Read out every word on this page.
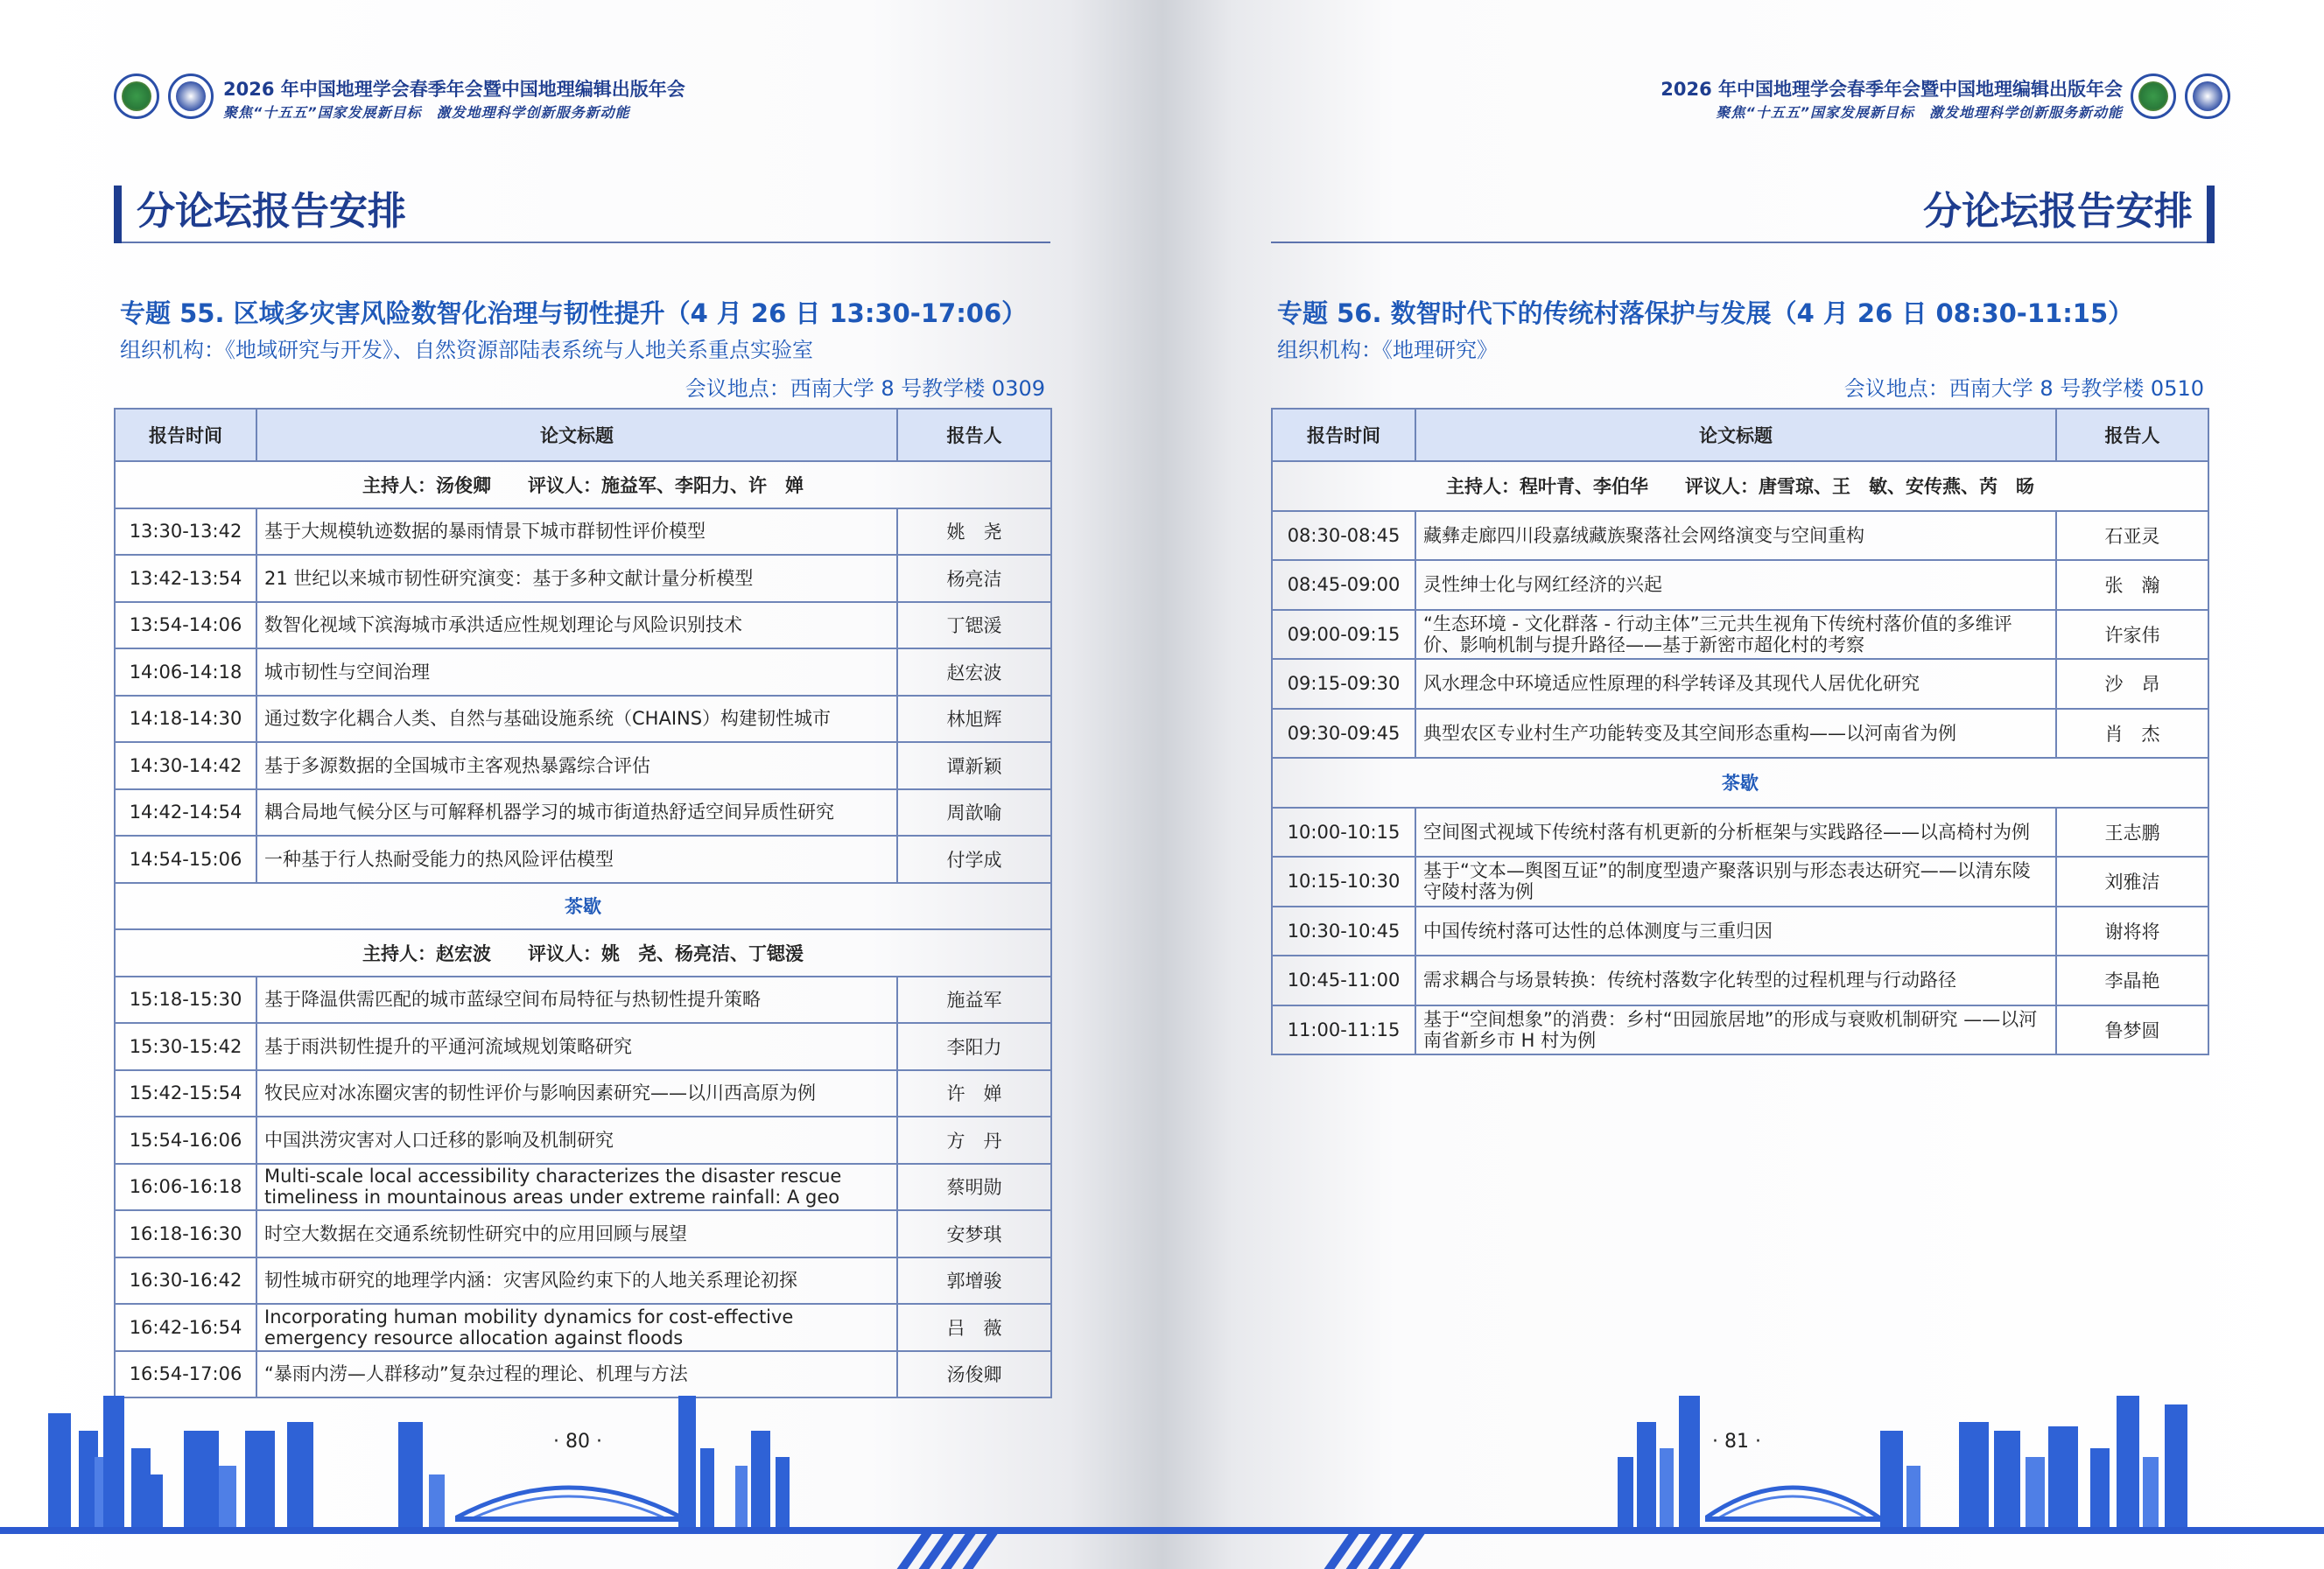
2026 年中国地理学会春季年会暨中国地理编辑出版年会
聚焦“十五五”国家发展新目标　激发地理科学创新服务新动能
分论坛报告安排
专题 55. 区域多灾害风险数智化治理与韧性提升（4 月 26 日 13:30-17:06）
组织机构：《地域研究与开发》、自然资源部陆表系统与人地关系重点实验室
会议地点：西南大学 8 号教学楼 0309
报告时间	论文标题	报告人
主持人：汤俊卿　　评议人：施益军、李阳力、许　婵		
13:30-13:42	基于大规模轨迹数据的暴雨情景下城市群韧性评价模型	姚　尧
13:42-13:54	21 世纪以来城市韧性研究演变：基于多种文献计量分析模型	杨亮洁
13:54-14:06	数智化视域下滨海城市承洪适应性规划理论与风险识别技术	丁锶湲
14:06-14:18	城市韧性与空间治理	赵宏波
14:18-14:30	通过数字化耦合人类、自然与基础设施系统（CHAINS）构建韧性城市	林旭辉
14:30-14:42	基于多源数据的全国城市主客观热暴露综合评估	谭新颖
14:42-14:54	耦合局地气候分区与可解释机器学习的城市街道热舒适空间异质性研究	周歆喻
14:54-15:06	一种基于行人热耐受能力的热风险评估模型	付学成
茶歇		
主持人：赵宏波　　评议人：姚　尧、杨亮洁、丁锶湲		
15:18-15:30	基于降温供需匹配的城市蓝绿空间布局特征与热韧性提升策略	施益军
15:30-15:42	基于雨洪韧性提升的平通河流域规划策略研究	李阳力
15:42-15:54	牧民应对冰冻圈灾害的韧性评价与影响因素研究——以川西高原为例	许　婵
15:54-16:06	中国洪涝灾害对人口迁移的影响及机制研究	方　丹
16:06-16:18	Multi-scale local accessibility characterizes the disaster rescue timeliness in mountainous areas under extreme rainfall: A geo	蔡明勋
16:18-16:30	时空大数据在交通系统韧性研究中的应用回顾与展望	安梦琪
16:30-16:42	韧性城市研究的地理学内涵：灾害风险约束下的人地关系理论初探	郭增骏
16:42-16:54	Incorporating human mobility dynamics for cost-effective emergency resource allocation against floods	吕　薇
16:54-17:06	“暴雨内涝—人群移动”复杂过程的理论、机理与方法	汤俊卿
· 80 ·
2026 年中国地理学会春季年会暨中国地理编辑出版年会
聚焦“十五五”国家发展新目标　激发地理科学创新服务新动能
分论坛报告安排
专题 56. 数智时代下的传统村落保护与发展（4 月 26 日 08:30-11:15）
组织机构：《地理研究》
会议地点：西南大学 8 号教学楼 0510
报告时间	论文标题	报告人
主持人：程叶青、李伯华　　评议人：唐雪琼、王　敏、安传燕、芮　旸		
08:30-08:45	藏彝走廊四川段嘉绒藏族聚落社会网络演变与空间重构	石亚灵
08:45-09:00	灵性绅士化与网红经济的兴起	张　瀚
09:00-09:15	“生态环境 - 文化群落 - 行动主体”三元共生视角下传统村落价值的多维评价、影响机制与提升路径——基于新密市超化村的考察	许家伟
09:15-09:30	风水理念中环境适应性原理的科学转译及其现代人居优化研究	沙　昂
09:30-09:45	典型农区专业村生产功能转变及其空间形态重构——以河南省为例	肖　杰
茶歇		
10:00-10:15	空间图式视域下传统村落有机更新的分析框架与实践路径——以高椅村为例	王志鹏
10:15-10:30	基于“文本—舆图互证”的制度型遗产聚落识别与形态表达研究——以清东陵守陵村落为例	刘雅洁
10:30-10:45	中国传统村落可达性的总体测度与三重归因	谢将将
10:45-11:00	需求耦合与场景转换：传统村落数字化转型的过程机理与行动路径	李晶艳
11:00-11:15	基于“空间想象”的消费：乡村“田园旅居地”的形成与衰败机制研究 ——以河南省新乡市 H 村为例	鲁梦圆
· 81 ·
